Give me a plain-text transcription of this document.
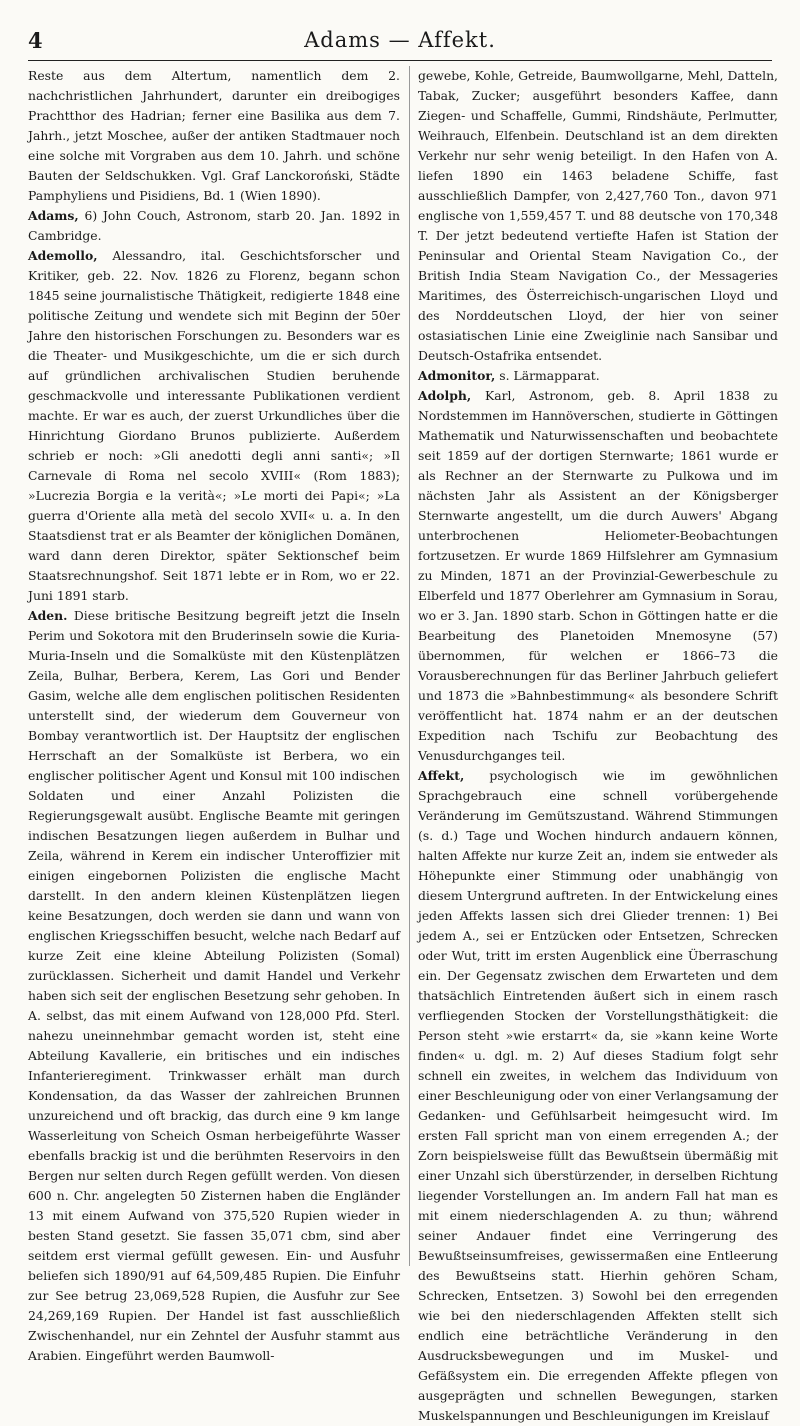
4	Adams — Affekt.

Reste aus dem Altertum, namentlich dem 2. nachchristlichen Jahrhundert, darunter ein dreibogiges Prachtthor des Hadrian; ferner eine Basilika aus dem 7. Jahrh., jetzt Moschee, außer der antiken Stadtmauer noch eine solche mit Vorgraben aus dem 10. Jahrh. und schöne Bauten der Seldschukken. Vgl. Graf Lanckoroński, Städte Pamphyliens und Pisidiens, Bd. 1 (Wien 1890).

Adams, 6) John Couch, Astronom, starb 20. Jan. 1892 in Cambridge.

Ademollo, Alessandro, ital. Geschichtsforscher und Kritiker, geb. 22. Nov. 1826 zu Florenz, begann schon 1845 seine journalistische Thätigkeit, redigierte 1848 eine politische Zeitung und wendete sich mit Beginn der 50er Jahre den historischen Forschungen zu. Besonders war es die Theater- und Musikgeschichte, um die er sich durch auf gründlichen archivalischen Studien beruhende geschmackvolle und interessante Publikationen verdient machte. Er war es auch, der zuerst Urkundliches über die Hinrichtung Giordano Brunos publizierte. Außerdem schrieb er noch: »Gli anedotti degli anni santi«; »Il Carnevale di Roma nel secolo XVIII« (Rom 1883); »Lucrezia Borgia e la verità«; »Le morti dei Papi«; »La guerra d'Oriente alla metà del secolo XVII« u. a. In den Staatsdienst trat er als Beamter der königlichen Domänen, ward dann deren Direktor, später Sektionschef beim Staatsrechnungshof. Seit 1871 lebte er in Rom, wo er 22. Juni 1891 starb.

Aden. Diese britische Besitzung begreift jetzt die Inseln Perim und Sokotora mit den Bruderinseln sowie die Kuria-Muria-Inseln und die Somalküste mit den Küstenplätzen Zeila, Bulhar, Berbera, Kerem, Las Gori und Bender Gasim, welche alle dem englischen politischen Residenten unterstellt sind, der wiederum dem Gouverneur von Bombay verantwortlich ist. Der Hauptsitz der englischen Herrschaft an der Somalküste ist Berbera, wo ein englischer politischer Agent und Konsul mit 100 indischen Soldaten und einer Anzahl Polizisten die Regierungsgewalt ausübt. Englische Beamte mit geringen indischen Besatzungen liegen außerdem in Bulhar und Zeila, während in Kerem ein indischer Unteroffizier mit einigen eingebornen Polizisten die englische Macht darstellt. In den andern kleinen Küstenplätzen liegen keine Besatzungen, doch werden sie dann und wann von englischen Kriegsschiffen besucht, welche nach Bedarf auf kurze Zeit eine kleine Abteilung Polizisten (Somal) zurücklassen. Sicherheit und damit Handel und Verkehr haben sich seit der englischen Besetzung sehr gehoben. In A. selbst, das mit einem Aufwand von 128,000 Pfd. Sterl. nahezu uneinnehmbar gemacht worden ist, steht eine Abteilung Kavallerie, ein britisches und ein indisches Infanterieregiment. Trinkwasser erhält man durch Kondensation, da das Wasser der zahlreichen Brunnen unzureichend und oft brackig, das durch eine 9 km lange Wasserleitung von Scheich Osman herbeigeführte Wasser ebenfalls brackig ist und die berühmten Reservoirs in den Bergen nur selten durch Regen gefüllt werden. Von diesen 600 n. Chr. angelegten 50 Zisternen haben die Engländer 13 mit einem Aufwand von 375,520 Rupien wieder in besten Stand gesetzt. Sie fassen 35,071 cbm, sind aber seitdem erst viermal gefüllt gewesen. Ein- und Ausfuhr beliefen sich 1890/91 auf 64,509,485 Rupien. Die Einfuhr zur See betrug 23,069,528 Rupien, die Ausfuhr zur See 24,269,169 Rupien. Der Handel ist fast ausschließlich Zwischenhandel, nur ein Zehntel der Ausfuhr stammt aus Arabien. Eingeführt werden Baumwoll-

gewebe, Kohle, Getreide, Baumwollgarne, Mehl, Datteln, Tabak, Zucker; ausgeführt besonders Kaffee, dann Ziegen- und Schaffelle, Gummi, Rindshäute, Perlmutter, Weihrauch, Elfenbein. Deutschland ist an dem direkten Verkehr nur sehr wenig beteiligt. In den Hafen von A. liefen 1890 ein 1463 beladene Schiffe, fast ausschließlich Dampfer, von 2,427,760 Ton., davon 971 englische von 1,559,457 T. und 88 deutsche von 170,348 T. Der jetzt bedeutend vertiefte Hafen ist Station der Peninsular and Oriental Steam Navigation Co., der British India Steam Navigation Co., der Messageries Maritimes, des Österreichisch-ungarischen Lloyd und des Norddeutschen Lloyd, der hier von seiner ostasiatischen Linie eine Zweiglinie nach Sansibar und Deutsch-Ostafrika entsendet.

Admonitor, s. Lärmapparat.

Adolph, Karl, Astronom, geb. 8. April 1838 zu Nordstemmen im Hannöverschen, studierte in Göttingen Mathematik und Naturwissenschaften und beobachtete seit 1859 auf der dortigen Sternwarte; 1861 wurde er als Rechner an der Sternwarte zu Pulkowa und im nächsten Jahr als Assistent an der Königsberger Sternwarte angestellt, um die durch Auwers' Abgang unterbrochenen Heliometer-Beobachtungen fortzusetzen. Er wurde 1869 Hilfslehrer am Gymnasium zu Minden, 1871 an der Provinzial-Gewerbeschule zu Elberfeld und 1877 Oberlehrer am Gymnasium in Sorau, wo er 3. Jan. 1890 starb. Schon in Göttingen hatte er die Bearbeitung des Planetoiden Mnemosyne (57) übernommen, für welchen er 1866–73 die Vorausberechnungen für das Berliner Jahrbuch geliefert und 1873 die »Bahnbestimmung« als besondere Schrift veröffentlicht hat. 1874 nahm er an der deutschen Expedition nach Tschifu zur Beobachtung des Venusdurchganges teil.

Affekt, psychologisch wie im gewöhnlichen Sprachgebrauch eine schnell vorübergehende Veränderung im Gemütszustand. Während Stimmungen (s. d.) Tage und Wochen hindurch andauern können, halten Affekte nur kurze Zeit an, indem sie entweder als Höhepunkte einer Stimmung oder unabhängig von diesem Untergrund auftreten. In der Entwickelung eines jeden Affekts lassen sich drei Glieder trennen: 1) Bei jedem A., sei er Entzücken oder Entsetzen, Schrecken oder Wut, tritt im ersten Augenblick eine Überraschung ein. Der Gegensatz zwischen dem Erwarteten und dem thatsächlich Eintretenden äußert sich in einem rasch verfliegenden Stocken der Vorstellungsthätigkeit: die Person steht »wie erstarrt« da, sie »kann keine Worte finden« u. dgl. m. 2) Auf dieses Stadium folgt sehr schnell ein zweites, in welchem das Individuum von einer Beschleunigung oder von einer Verlangsamung der Gedanken- und Gefühlsarbeit heimgesucht wird. Im ersten Fall spricht man von einem erregenden A.; der Zorn beispielsweise füllt das Bewußtsein übermäßig mit einer Unzahl sich überstürzender, in derselben Richtung liegender Vorstellungen an. Im andern Fall hat man es mit einem niederschlagenden A. zu thun; während seiner Andauer findet eine Verringerung des Bewußtseinsumfreises, gewissermaßen eine Entleerung des Bewußtseins statt. Hierhin gehören Scham, Schrecken, Entsetzen. 3) Sowohl bei den erregenden wie bei den niederschlagenden Affekten stellt sich endlich eine beträchtliche Veränderung in den Ausdrucksbewegungen und im Muskel- und Gefäßsystem ein. Die erregenden Affekte pflegen von ausgeprägten und schnellen Bewegungen, starken Muskelspannungen und Beschleunigungen im Kreislauf
